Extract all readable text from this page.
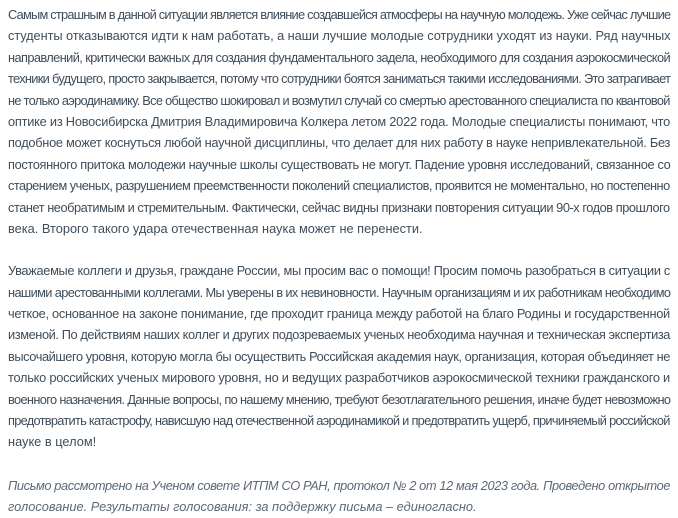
Самым страшным в данной ситуации является влияние создавшейся атмосферы на научную молодежь. Уже сейчас лучшие
студенты отказываются идти к нам работать, а наши лучшие молодые сотрудники уходят из науки. Ряд научных
направлений, критически важных для создания фундаментального задела, необходимого для создания аэрокосмической
техники будущего, просто закрывается, потому что сотрудники боятся заниматься такими исследованиями. Это затрагивает
не только аэродинамику. Все общество шокировал и возмутил случай со смертью арестованного специалиста по квантовой
оптике из Новосибирска Дмитрия Владимировича Колкера летом 2022 года. Молодые специалисты понимают, что
подобное может коснуться любой научной дисциплины, что делает для них работу в науке непривлекательной. Без
постоянного притока молодежи научные школы существовать не могут. Падение уровня исследований, связанное со
старением ученых, разрушением преемственности поколений специалистов, проявится не моментально, но постепенно
станет необратимым и стремительным. Фактически, сейчас видны признаки повторения ситуации 90-х годов прошлого
века. Второго такого удара отечественная наука может не перенести.

Уважаемые коллеги и друзья, граждане России, мы просим вас о помощи! Просим помочь разобраться в ситуации с
нашими арестованными коллегами. Мы уверены в их невиновности. Научным организациям и их работникам необходимо
четкое, основанное на законе понимание, где проходит граница между работой на благо Родины и государственной
изменой. По действиям наших коллег и других подозреваемых ученых необходима научная и техническая экспертиза
высочайшего уровня, которую могла бы осуществить Российская академия наук, организация, которая объединяет не
только российских ученых мирового уровня, но и ведущих разработчиков аэрокосмической техники гражданского и
военного назначения. Данные вопросы, по нашему мнению, требуют безотлагательного решения, иначе будет невозможно
предотвратить катастрофу, нависшую над отечественной аэродинамикой и предотвратить ущерб, причиняемый российской
науке в целом!

Письмо рассмотрено на Ученом совете ИТПМ СО РАН, протокол № 2 от 12 мая 2023 года. Проведено открытое
голосование. Результаты голосования: за поддержку письма – единогласно.
